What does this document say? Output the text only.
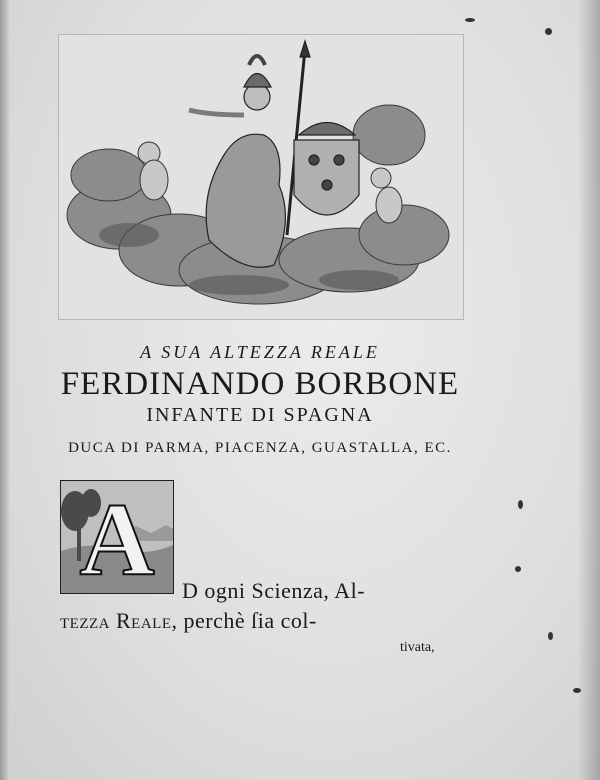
A SUA ALTEZZA REALE
FERDINANDO BORBONE
INFANTE DI SPAGNA
DUCA DI PARMA, PIACENZA, GUASTALLA, EC.
A	D ogni Scienza, Al-
tezza Reale, perchè ſia col-
tivata,
